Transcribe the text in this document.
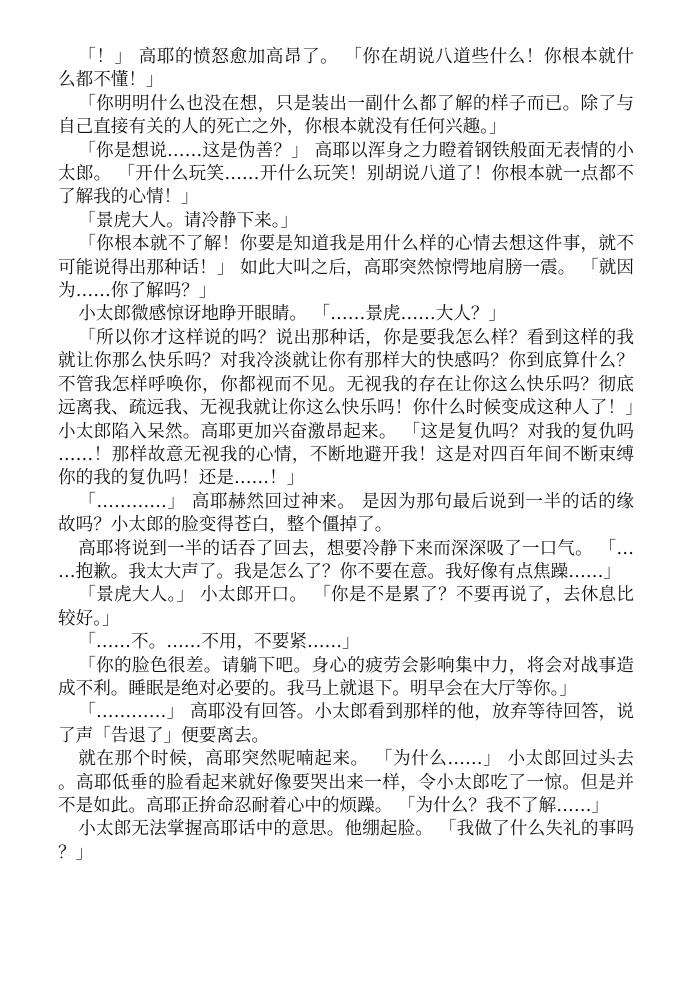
「！」 高耶的愤怒愈加高昂了。 「你在胡说八道些什么！你根本就什么都不懂！」

「你明明什么也没在想，只是装出一副什么都了解的样子而已。除了与自己直接有关的人的死亡之外，你根本就没有任何兴趣。」

「你是想说……这是伪善？」 高耶以浑身之力瞪着钢铁般面无表情的小太郎。 「开什么玩笑……开什么玩笑！别胡说八道了！你根本就一点都不了解我的心情！」

「景虎大人。请冷静下来。」

「你根本就不了解！你要是知道我是用什么样的心情去想这件事，就不可能说得出那种话！」 如此大叫之后，高耶突然惊愕地肩膀一震。 「就因为……你了解吗？」

小太郎微感惊讶地睁开眼睛。 「……景虎……大人？」

「所以你才这样说的吗？说出那种话，你是要我怎么样？看到这样的我就让你那么快乐吗？对我冷淡就让你有那样大的快感吗？你到底算什么？不管我怎样呼唤你，你都视而不见。无视我的存在让你这么快乐吗？彻底远离我、疏远我、无视我就让你这么快乐吗！你什么时候变成这种人了！」 小太郎陷入呆然。高耶更加兴奋激昂起来。 「这是复仇吗？对我的复仇吗……！那样故意无视我的心情，不断地避开我！这是对四百年间不断束缚你的我的复仇吗！还是……！」

「…………」 高耶赫然回过神来。 是因为那句最后说到一半的话的缘故吗？小太郎的脸变得苍白，整个僵掉了。

高耶将说到一半的话吞了回去，想要冷静下来而深深吸了一口气。 「……抱歉。我太大声了。我是怎么了？你不要在意。我好像有点焦躁……」

「景虎大人。」 小太郎开口。 「你是不是累了？不要再说了，去休息比较好。」

「……不。……不用，不要紧……」

「你的脸色很差。请躺下吧。身心的疲劳会影响集中力，将会对战事造成不利。睡眠是绝对必要的。我马上就退下。明早会在大厅等你。」

「…………」 高耶没有回答。小太郎看到那样的他，放弃等待回答，说了声「告退了」便要离去。

就在那个时候，高耶突然呢喃起来。 「为什么……」 小太郎回过头去。高耶低垂的脸看起来就好像要哭出来一样，令小太郎吃了一惊。但是并不是如此。高耶正拚命忍耐着心中的烦躁。 「为什么？我不了解……」

小太郎无法掌握高耶话中的意思。他绷起脸。 「我做了什么失礼的事吗？」
